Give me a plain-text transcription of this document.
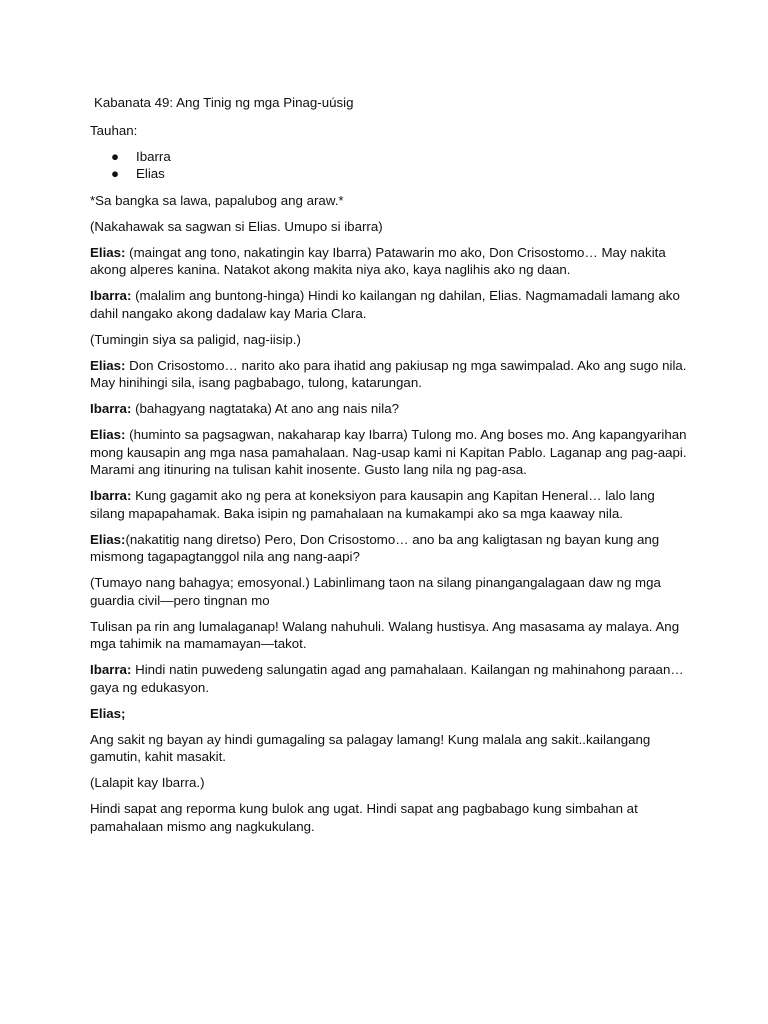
Kabanata 49: Ang Tinig ng mga Pinag-uúsig

Tauhan:

● Ibarra
● Elias

*Sa bangka sa lawa, papalubog ang araw.*

(Nakahawak sa sagwan si Elias. Umupo si ibarra)

Elias: (maingat ang tono, nakatingin kay Ibarra) Patawarin mo ako, Don Crisostomo… May nakita akong alperes kanina. Natakot akong makita niya ako, kaya naglihis ako ng daan.

Ibarra: (malalim ang buntong-hinga) Hindi ko kailangan ng dahilan, Elias. Nagmamadali lamang ako dahil nangako akong dadalaw kay Maria Clara.

(Tumingin siya sa paligid, nag-iisip.)

Elias: Don Crisostomo… narito ako para ihatid ang pakiusap ng mga sawimpalad. Ako ang sugo nila. May hinihingi sila, isang pagbabago, tulong, katarungan.

Ibarra: (bahagyang nagtataka) At ano ang nais nila?

Elias: (huminto sa pagsagwan, nakaharap kay Ibarra) Tulong mo. Ang boses mo. Ang kapangyarihan mong kausapin ang mga nasa pamahalaan. Nag-usap kami ni Kapitan Pablo. Laganap ang pag-aapi. Marami ang itinuring na tulisan kahit inosente. Gusto lang nila ng pag-asa.

Ibarra: Kung gagamit ako ng pera at koneksiyon para kausapin ang Kapitan Heneral… lalo lang silang mapapahamak. Baka isipin ng pamahalaan na kumakampi ako sa mga kaaway nila.

Elias:(nakatitig nang diretso) Pero, Don Crisostomo… ano ba ang kaligtasan ng bayan kung ang mismong tagapagtanggol nila ang nang-aapi?

(Tumayo nang bahagya; emosyonal.) Labinlimang taon na silang pinangangalagaan daw ng mga guardia civil—pero tingnan mo

Tulisan pa rin ang lumalaganap! Walang nahuhuli. Walang hustisya. Ang masasama ay malaya. Ang mga tahimik na mamamayan—takot.

Ibarra: Hindi natin puwedeng salungatin agad ang pamahalaan. Kailangan ng mahinahong paraan… gaya ng edukasyon.

Elias;

Ang sakit ng bayan ay hindi gumagaling sa palagay lamang! Kung malala ang sakit..kailangang gamutin, kahit masakit.

(Lalapit kay Ibarra.)

Hindi sapat ang reporma kung bulok ang ugat. Hindi sapat ang pagbabago kung simbahan at pamahalaan mismo ang nagkukulang.
